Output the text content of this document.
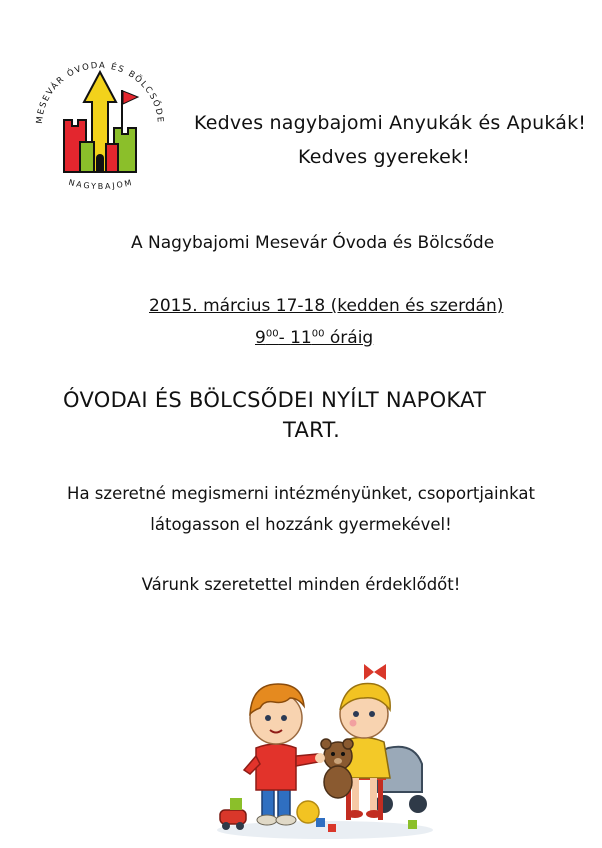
MESEVÁR ÓVODA ÉS BÖLCSŐDE
NAGYBAJOM
Kedves nagybajomi Anyukák és Apukák!
Kedves gyerekek!
A Nagybajomi Mesevár Óvoda és Bölcsőde
2015. március 17-18 (kedden és szerdán)
$9^{00}-$ $11^{00}$ óráig
ÓVODAI ÉS BÖLCSŐDEI NYÍLT NAPOKAT
TART.
Ha szeretné megismerni intézményünket, csoportjainkat
látogasson el hozzánk gyermekével!
Várunk szeretettel minden érdeklődőt!
